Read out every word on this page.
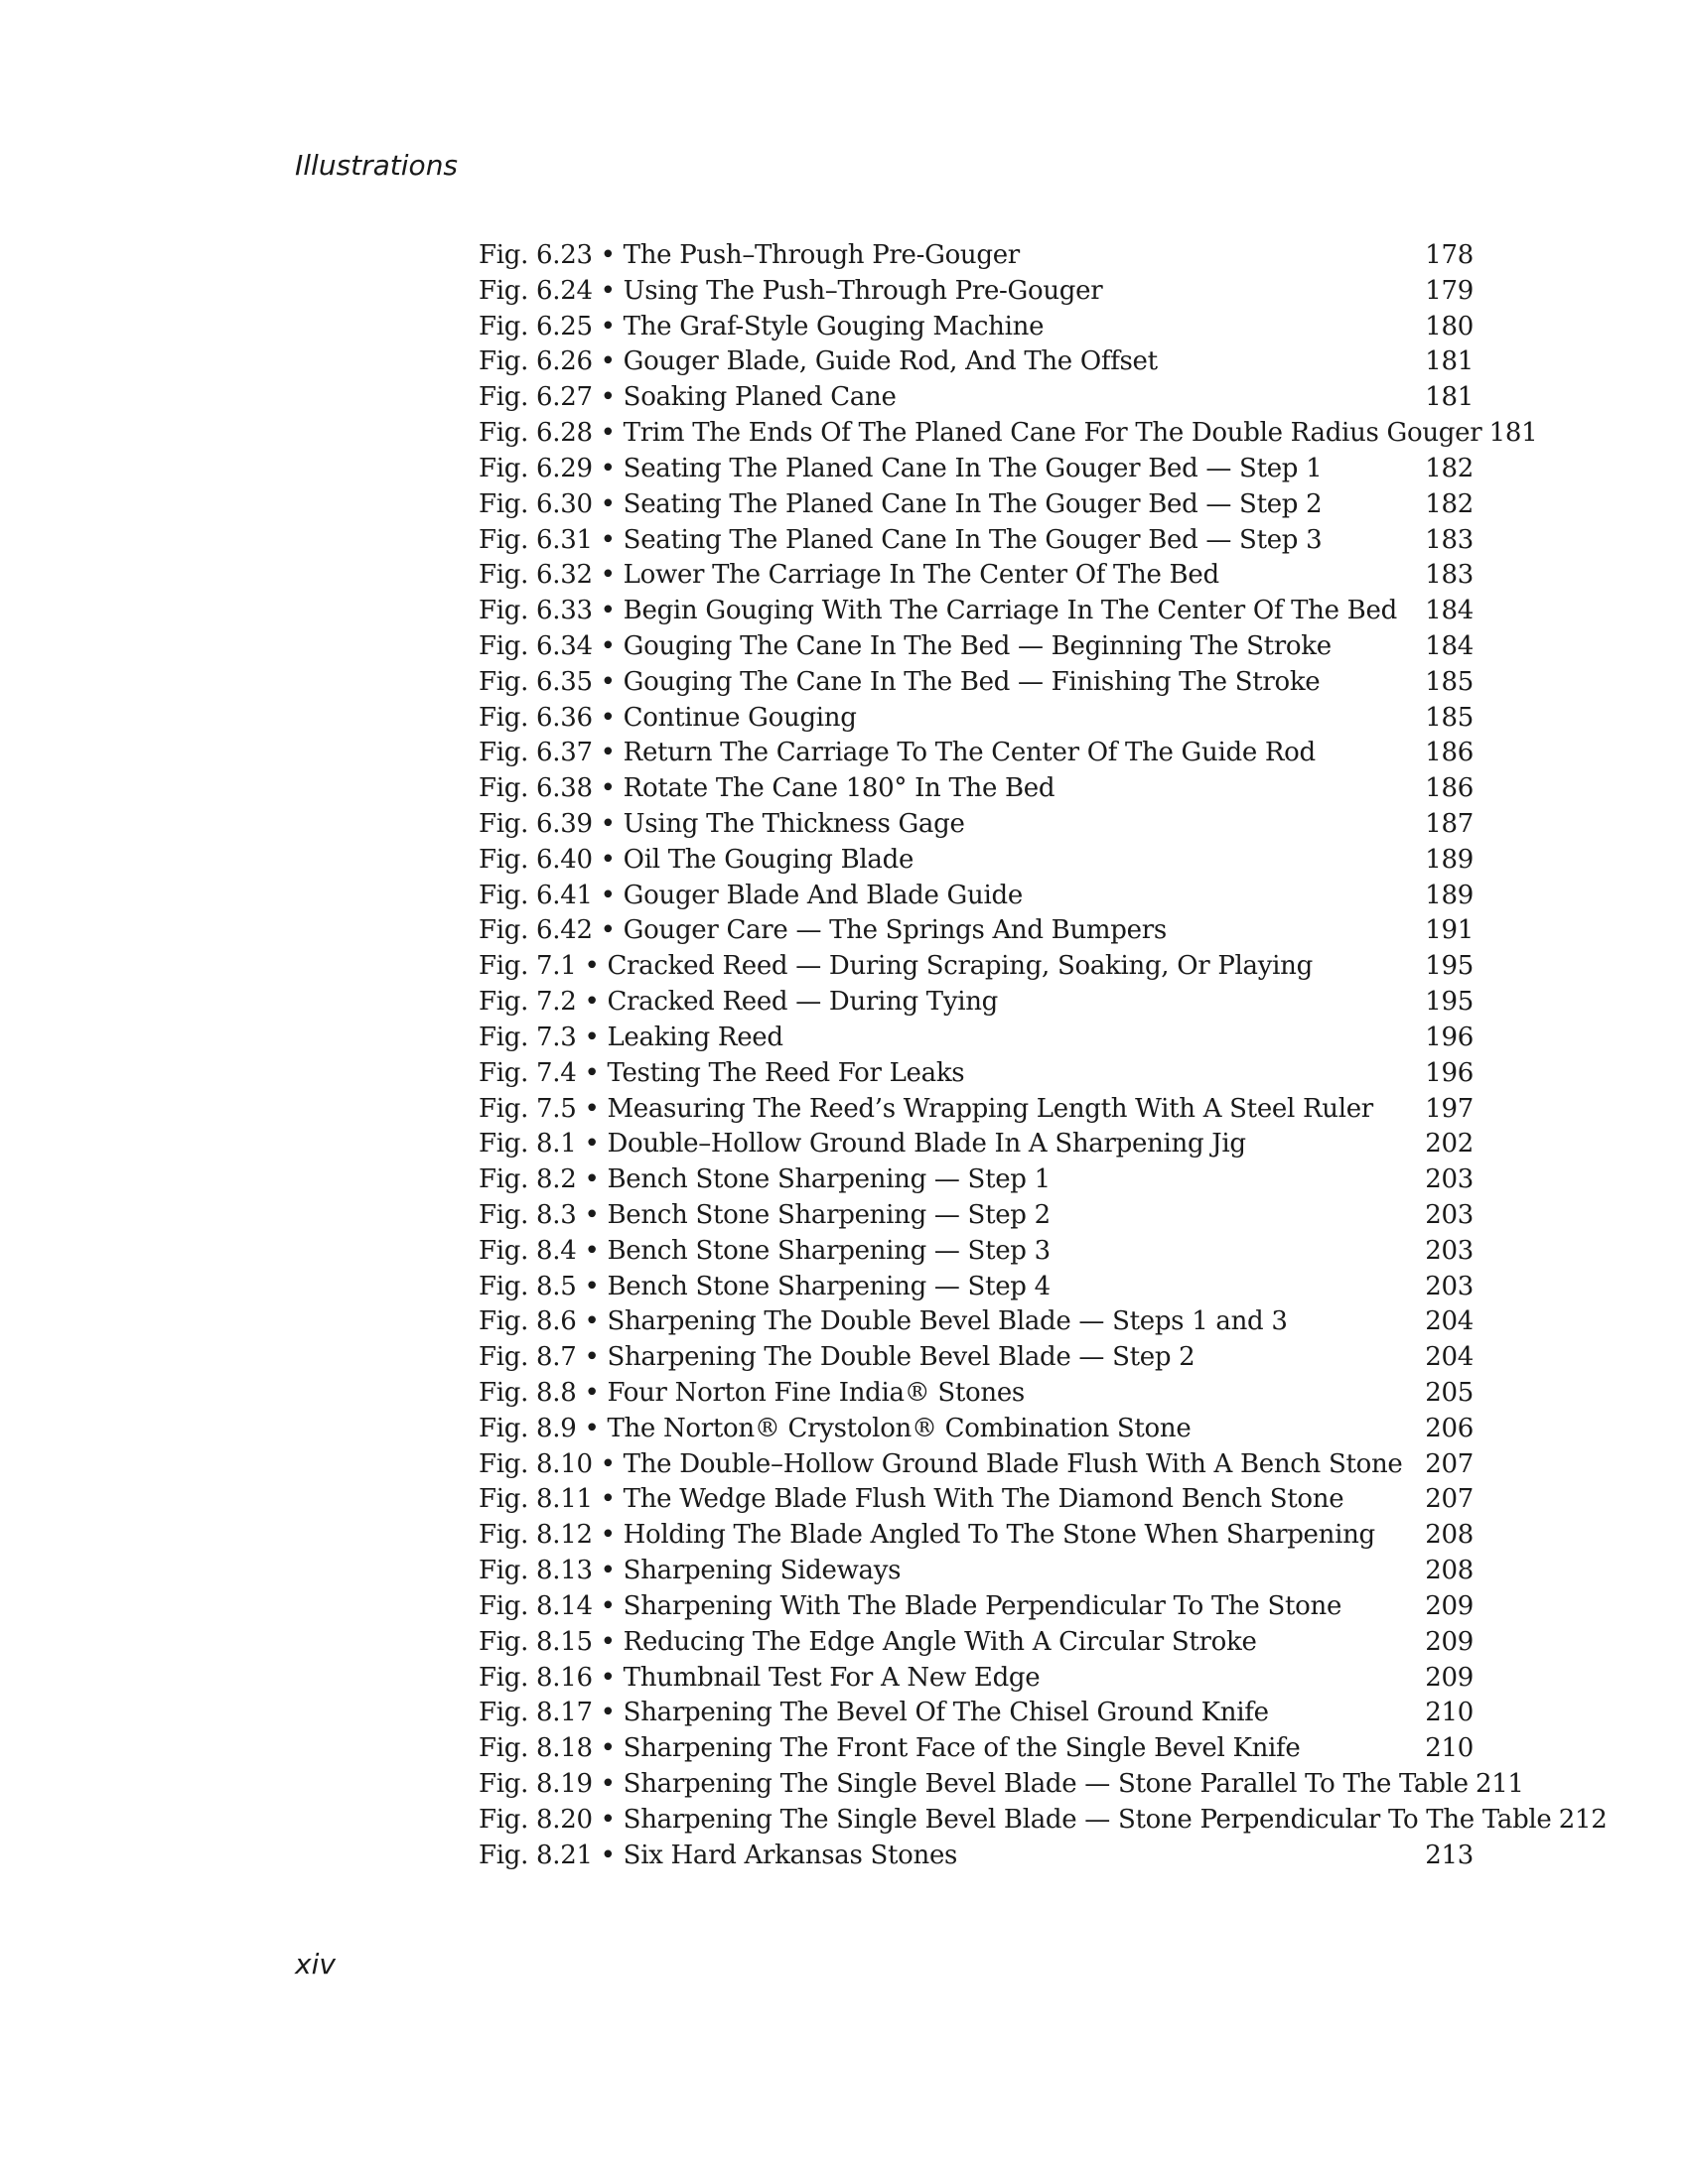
Illustrations
Fig. 6.23 • The Push–Through Pre-Gouger	178
Fig. 6.24 • Using The Push–Through Pre-Gouger	179
Fig. 6.25 • The Graf-Style Gouging Machine	180
Fig. 6.26 • Gouger Blade, Guide Rod, And The Offset	181
Fig. 6.27 • Soaking Planed Cane	181
Fig. 6.28 • Trim The Ends Of The Planed Cane For The Double Radius Gouger 181
Fig. 6.29 • Seating The Planed Cane In The Gouger Bed — Step 1	182
Fig. 6.30 • Seating The Planed Cane In The Gouger Bed — Step 2	182
Fig. 6.31 • Seating The Planed Cane In The Gouger Bed — Step 3	183
Fig. 6.32 • Lower The Carriage In The Center Of The Bed	183
Fig. 6.33 • Begin Gouging With The Carriage In The Center Of The Bed 184
Fig. 6.34 • Gouging The Cane In The Bed — Beginning The Stroke	184
Fig. 6.35 • Gouging The Cane In The Bed — Finishing The Stroke	185
Fig. 6.36 • Continue Gouging	185
Fig. 6.37 • Return The Carriage To The Center Of The Guide Rod	186
Fig. 6.38 • Rotate The Cane 180° In The Bed	186
Fig. 6.39 • Using The Thickness Gage	187
Fig. 6.40 • Oil The Gouging Blade	189
Fig. 6.41 • Gouger Blade And Blade Guide	189
Fig. 6.42 • Gouger Care — The Springs And Bumpers	191
Fig. 7.1 • Cracked Reed — During Scraping, Soaking, Or Playing	195
Fig. 7.2 • Cracked Reed — During Tying	195
Fig. 7.3 • Leaking Reed	196
Fig. 7.4 • Testing The Reed For Leaks	196
Fig. 7.5 • Measuring The Reed’s Wrapping Length With A Steel Ruler 197
Fig. 8.1 • Double–Hollow Ground Blade In A Sharpening Jig	202
Fig. 8.2 • Bench Stone Sharpening — Step 1	203
Fig. 8.3 • Bench Stone Sharpening — Step 2	203
Fig. 8.4 • Bench Stone Sharpening — Step 3	203
Fig. 8.5 • Bench Stone Sharpening — Step 4	203
Fig. 8.6 • Sharpening The Double Bevel Blade — Steps 1 and 3	204
Fig. 8.7 • Sharpening The Double Bevel Blade — Step 2	204
Fig. 8.8 • Four Norton Fine India® Stones	205
Fig. 8.9 • The Norton® Crystolon® Combination Stone	206
Fig. 8.10 • The Double–Hollow Ground Blade Flush With A Bench Stone 207
Fig. 8.11 • The Wedge Blade Flush With The Diamond Bench Stone	207
Fig. 8.12 • Holding The Blade Angled To The Stone When Sharpening 208
Fig. 8.13 • Sharpening Sideways	208
Fig. 8.14 • Sharpening With The Blade Perpendicular To The Stone	209
Fig. 8.15 • Reducing The Edge Angle With A Circular Stroke	209
Fig. 8.16 • Thumbnail Test For A New Edge	209
Fig. 8.17 • Sharpening The Bevel Of The Chisel Ground Knife	210
Fig. 8.18 • Sharpening The Front Face of the Single Bevel Knife	210
Fig. 8.19 • Sharpening The Single Bevel Blade — Stone Parallel To The Table 211
Fig. 8.20 • Sharpening The Single Bevel Blade — Stone Perpendicular To The Table 212
Fig. 8.21 • Six Hard Arkansas Stones	213
xiv
